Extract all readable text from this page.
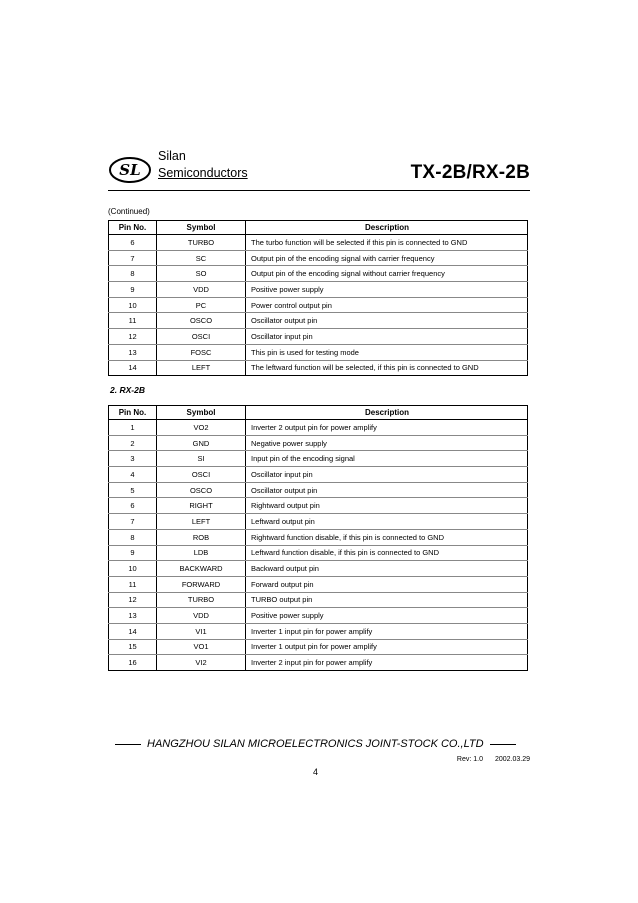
SL
Silan
Semiconductors	TX-2B/RX-2B
(Continued)
Pin No.	Symbol	Description
6	TURBO	The turbo function will be selected if this pin is connected to GND
7	SC	Output pin of the encoding signal with carrier frequency
8	SO	Output pin of the encoding signal without carrier frequency
9	VDD	Positive power supply
10	PC	Power control output pin
11	OSCO	Oscillator output pin
12	OSCI	Oscillator input pin
13	FOSC	This pin is used for testing mode
14	LEFT	The leftward function will be selected, if this pin is connected to GND
2. RX-2B
Pin No.	Symbol	Description
1	VO2	Inverter 2 output pin for power amplify
2	GND	Negative power supply
3	SI	Input pin of the encoding signal
4	OSCI	Oscillator input pin
5	OSCO	Oscillator output pin
6	RIGHT	Rightward output pin
7	LEFT	Leftward output pin
8	ROB	Rightward function disable, if this pin is connected to GND
9	LDB	Leftward function disable, if this pin is connected to GND
10	BACKWARD	Backward output pin
11	FORWARD	Forward output pin
12	TURBO	TURBO output pin
13	VDD	Positive power supply
14	VI1	Inverter 1 input pin for power amplify
15	VO1	Inverter 1 output pin for power amplify
16	VI2	Inverter 2 input pin for power amplify
HANGZHOU SILAN MICROELECTRONICS JOINT-STOCK CO.,LTD
Rev: 1.0 2002.03.29
4
